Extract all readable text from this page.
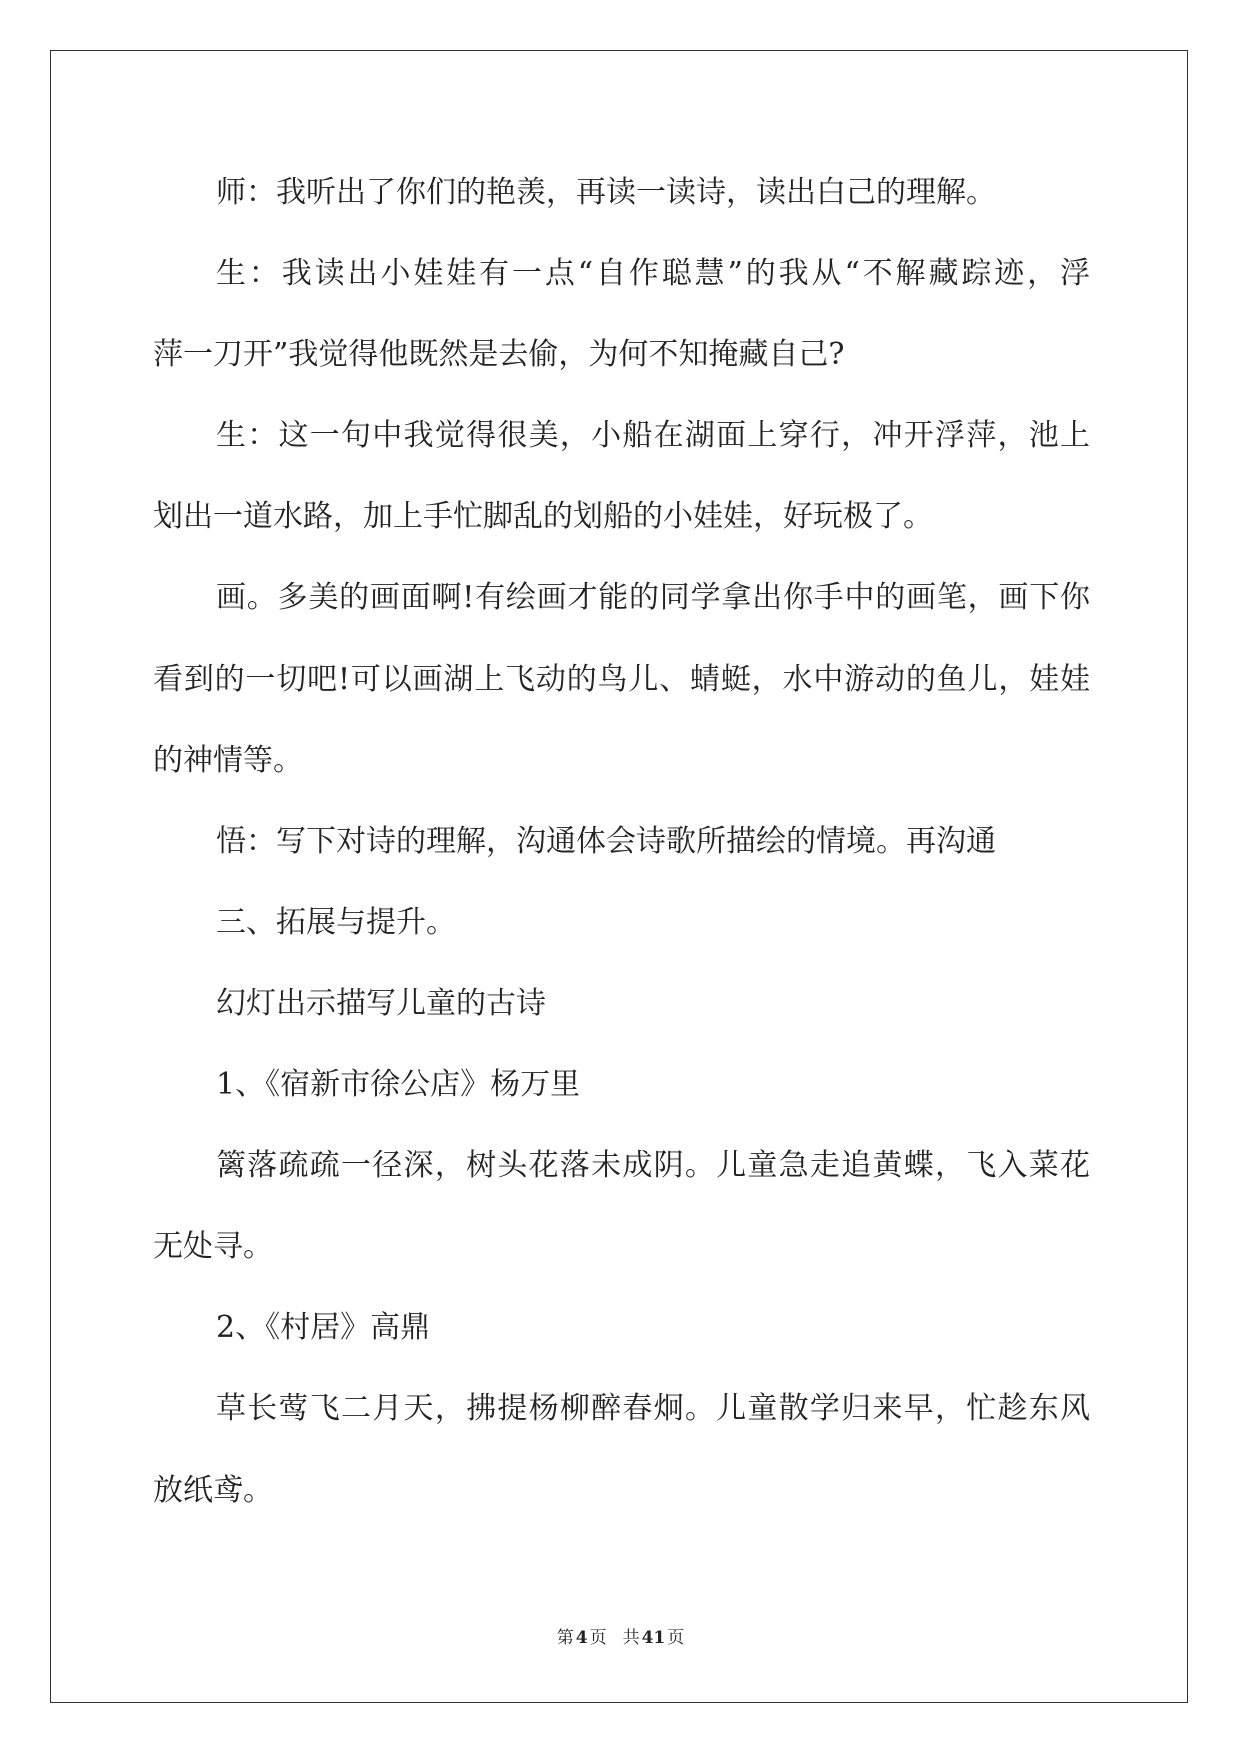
师：我听出了你们的艳羡，再读一读诗，读出白己的理解。
生：我读出小娃娃有一点“自作聪慧”的我从“不解藏踪迹，浮
萍一刀开”我觉得他既然是去偷，为何不知掩藏自己?
生：这一句中我觉得很美，小船在湖面上穿行，冲开浮萍，池上
划出一道水路，加上手忙脚乱的划船的小娃娃，好玩极了。
画。多美的画面啊!有绘画才能的同学拿出你手中的画笔，画下你
看到的一切吧!可以画湖上飞动的鸟儿、蜻蜓，水中游动的鱼儿，娃娃
的神情等。
悟：写下对诗的理解，沟通体会诗歌所描绘的情境。再沟通
三、拓展与提升。
幻灯出示描写儿童的古诗
1、《宿新市徐公店》杨万里
篱落疏疏一径深，树头花落未成阴。儿童急走追黄蝶，飞入菜花
无处寻。
2、《村居》高鼎
草长莺飞二月天，拂提杨柳醉春炯。儿童散学归来早，忙趁东风
放纸鸢。
第 4 页 共 41 页
